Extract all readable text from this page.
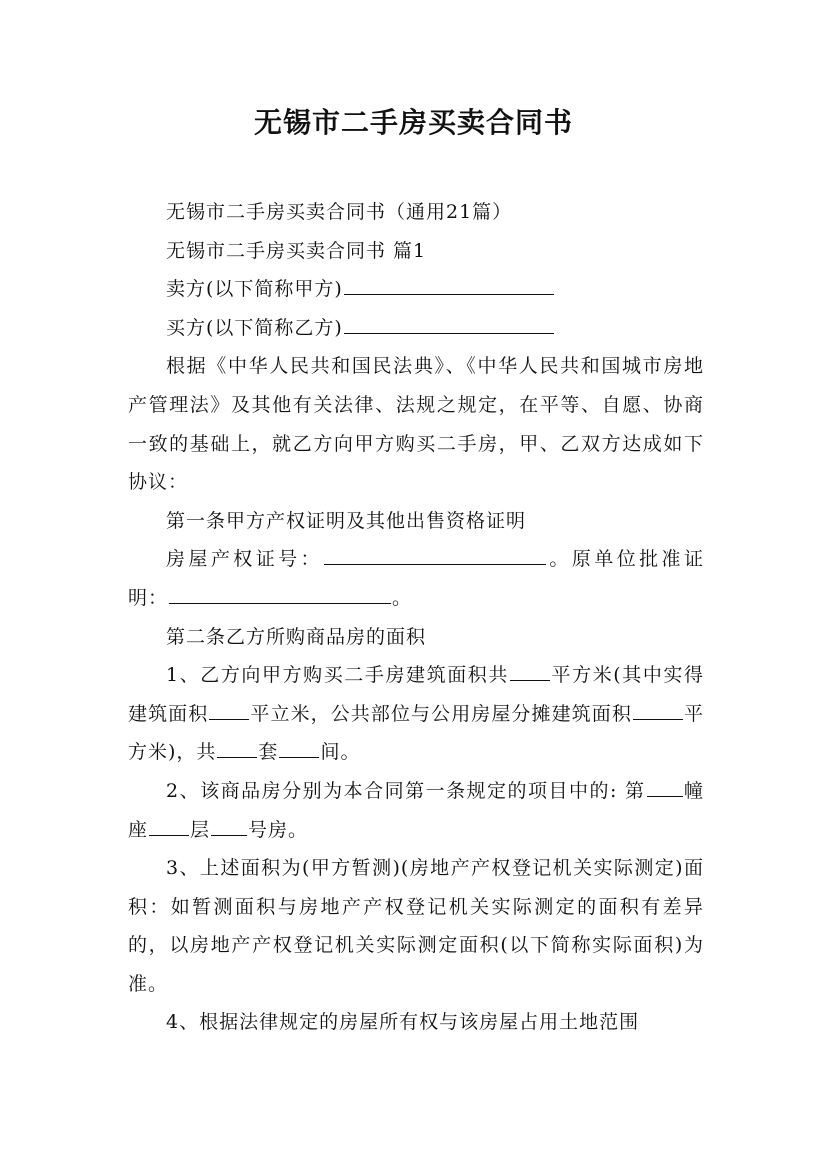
无锡市二手房买卖合同书

无锡市二手房买卖合同书（通用21篇）

无锡市二手房买卖合同书 篇1

卖方(以下简称甲方)

买方(以下简称乙方)

根据《中华人民共和国民法典》、《中华人民共和国城市房地产管理法》及其他有关法律、法规之规定，在平等、自愿、协商一致的基础上，就乙方向甲方购买二手房，甲、乙双方达成如下协议：

第一条甲方产权证明及其他出售资格证明

房屋产权证号：	。原单位批准证明：	。

第二条乙方所购商品房的面积

1、乙方向甲方购买二手房建筑面积共 平方米(其中实得建筑面积 平立米，公共部位与公用房屋分摊建筑面积	平方米)，共 套 间。

2、该商品房分别为本合同第一条规定的项目中的: 第 幢座 层 号房。

3、上述面积为(甲方暂测)(房地产产权登记机关实际测定)面积：如暂测面积与房地产产权登记机关实际测定的面积有差异的，以房地产产权登记机关实际测定面积(以下简称实际面积)为准。

4、根据法律规定的房屋所有权与该房屋占用土地范围
